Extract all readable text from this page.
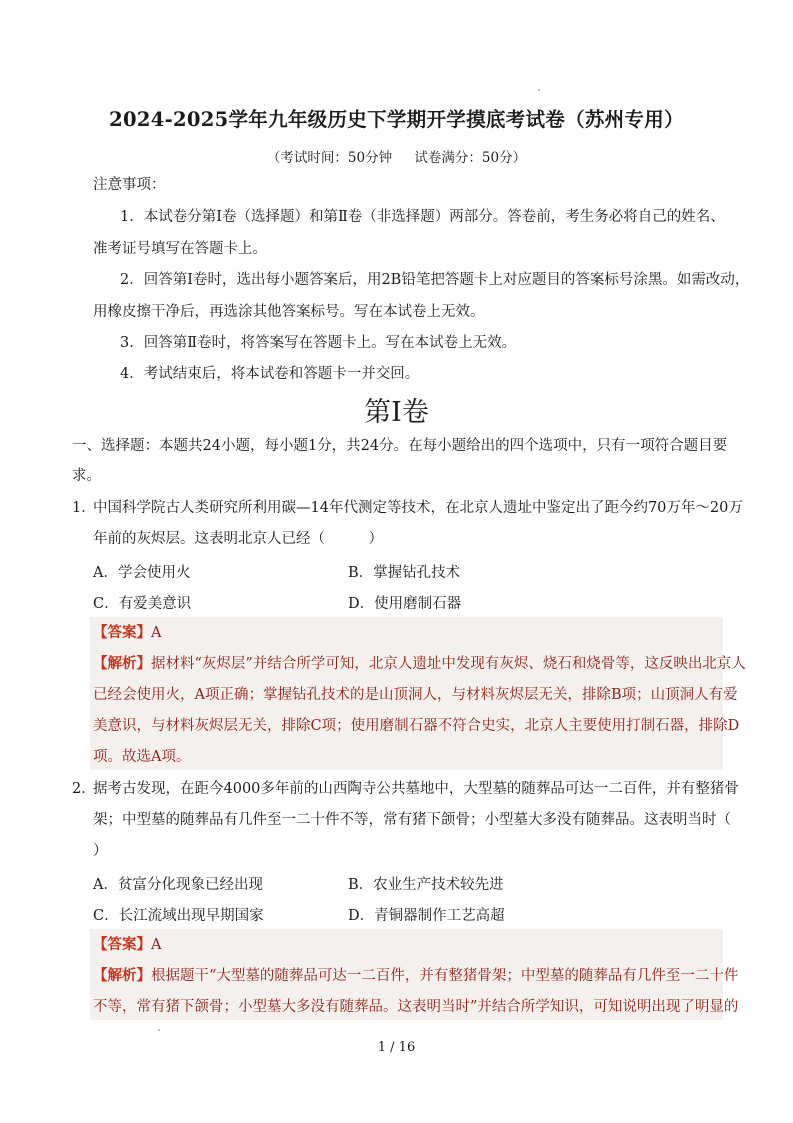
2024-2025学年九年级历史下学期开学摸底考试卷（苏州专用）
（考试时间：50分钟 试卷满分：50分）
注意事项：
1．本试卷分第Ⅰ卷（选择题）和第Ⅱ卷（非选择题）两部分。答卷前，考生务必将自己的姓名、
准考证号填写在答题卡上。
2．回答第Ⅰ卷时，选出每小题答案后，用2B铅笔把答题卡上对应题目的答案标号涂黑。如需改动，
用橡皮擦干净后，再选涂其他答案标号。写在本试卷上无效。
3．回答第Ⅱ卷时，将答案写在答题卡上。写在本试卷上无效。
4．考试结束后，将本试卷和答题卡一并交回。
第Ⅰ卷
一、选择题：本题共24小题，每小题1分，共24分。在每小题给出的四个选项中，只有一项符合题目要
求。
1．
中国科学院古人类研究所利用碳—14年代测定等技术，在北京人遗址中鉴定出了距今约70万年～20万
年前的灰烬层。这表明北京人已经（　　　）
A．学会使用火	B．掌握钻孔技术
C．有爱美意识	D．使用磨制石器
【答案】A
【解析】据材料“灰烬层”并结合所学可知，北京人遗址中发现有灰烬、烧石和烧骨等，这反映出北京人
已经会使用火，A项正确；掌握钻孔技术的是山顶洞人，与材料灰烬层无关，排除B项；山顶洞人有爱
美意识，与材料灰烬层无关，排除C项；使用磨制石器不符合史实，北京人主要使用打制石器，排除D
项。故选A项。
2．
据考古发现，在距今4000多年前的山西陶寺公共墓地中，大型墓的随葬品可达一二百件，并有整猪骨
架；中型墓的随葬品有几件至一二十件不等，常有猪下颌骨；小型墓大多没有随葬品。这表明当时（
）
A．贫富分化现象已经出现	B．农业生产技术较先进
C．长江流域出现早期国家	D．青铜器制作工艺高超
【答案】A
【解析】根据题干“大型墓的随葬品可达一二百件，并有整猪骨架；中型墓的随葬品有几件至一二十件
不等，常有猪下颌骨；小型墓大多没有随葬品。这表明当时”并结合所学知识，可知说明出现了明显的
1 / 16
